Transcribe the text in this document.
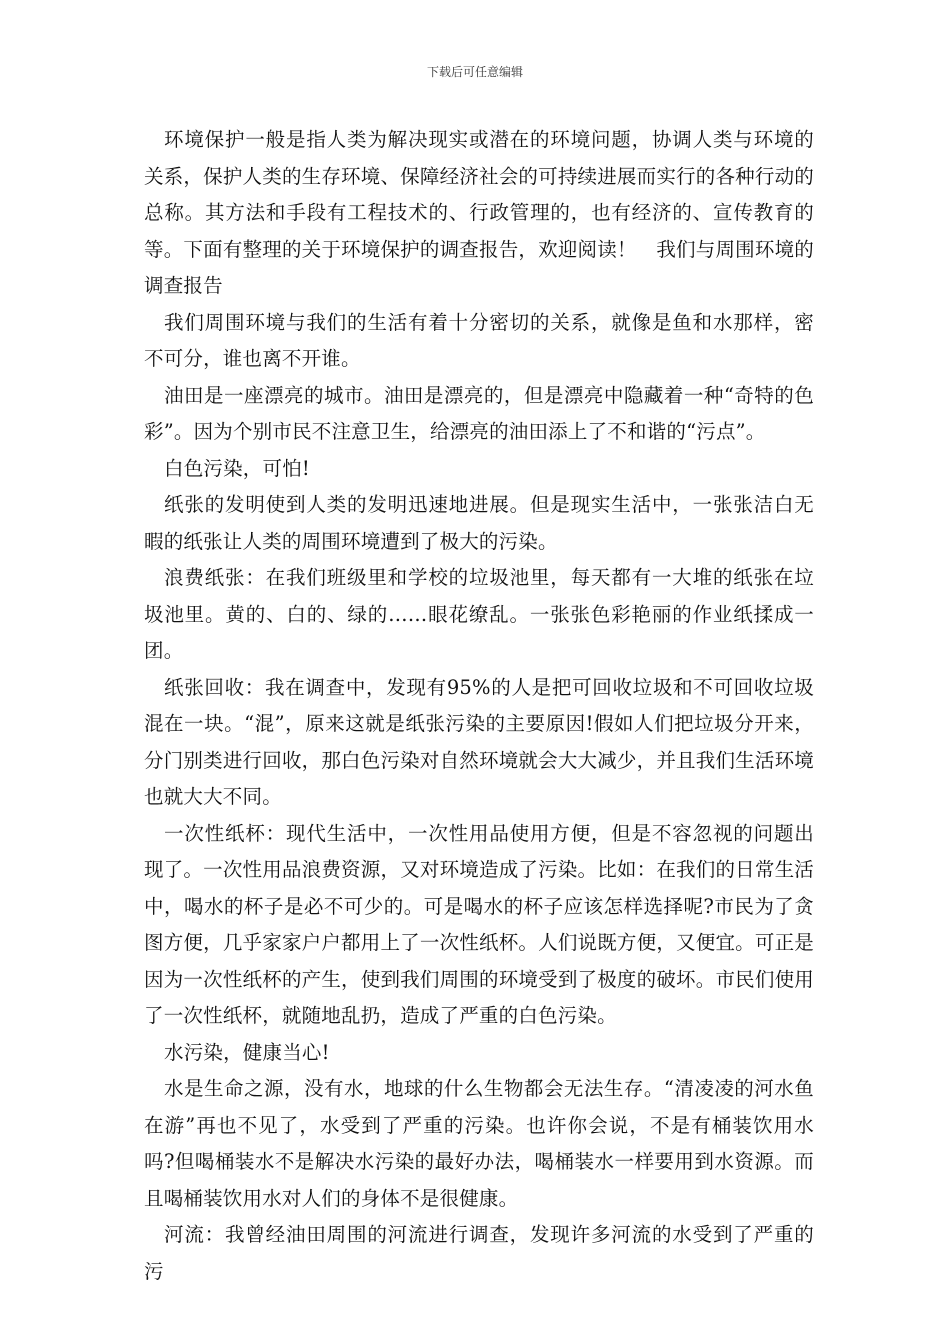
下载后可任意编辑

环境保护一般是指人类为解决现实或潜在的环境问题，协调人类与环境的关系，保护人类的生存环境、保障经济社会的可持续进展而实行的各种行动的总称。其方法和手段有工程技术的、行政管理的，也有经济的、宣传教育的等。下面有整理的关于环境保护的调查报告，欢迎阅读！　我们与周围环境的调查报告

我们周围环境与我们的生活有着十分密切的关系，就像是鱼和水那样，密不可分，谁也离不开谁。

油田是一座漂亮的城市。油田是漂亮的，但是漂亮中隐藏着一种“奇特的色彩”。因为个别市民不注意卫生，给漂亮的油田添上了不和谐的“污点”。

白色污染，可怕!

纸张的发明使到人类的发明迅速地进展。但是现实生活中，一张张洁白无暇的纸张让人类的周围环境遭到了极大的污染。

浪费纸张：在我们班级里和学校的垃圾池里，每天都有一大堆的纸张在垃圾池里。黄的、白的、绿的……眼花缭乱。一张张色彩艳丽的作业纸揉成一团。

纸张回收：我在调查中，发现有95%的人是把可回收垃圾和不可回收垃圾混在一块。“混”，原来这就是纸张污染的主要原因!假如人们把垃圾分开来，分门别类进行回收，那白色污染对自然环境就会大大减少，并且我们生活环境也就大大不同。

一次性纸杯：现代生活中，一次性用品使用方便，但是不容忽视的问题出现了。一次性用品浪费资源，又对环境造成了污染。比如：在我们的日常生活中，喝水的杯子是必不可少的。可是喝水的杯子应该怎样选择呢?市民为了贪图方便，几乎家家户户都用上了一次性纸杯。人们说既方便，又便宜。可正是因为一次性纸杯的产生，使到我们周围的环境受到了极度的破坏。市民们使用了一次性纸杯，就随地乱扔，造成了严重的白色污染。

水污染，健康当心!

水是生命之源，没有水，地球的什么生物都会无法生存。“清凌凌的河水鱼在游”再也不见了，水受到了严重的污染。也许你会说，不是有桶装饮用水吗?但喝桶装水不是解决水污染的最好办法，喝桶装水一样要用到水资源。而且喝桶装饮用水对人们的身体不是很健康。

河流：我曾经油田周围的河流进行调查，发现许多河流的水受到了严重的污
